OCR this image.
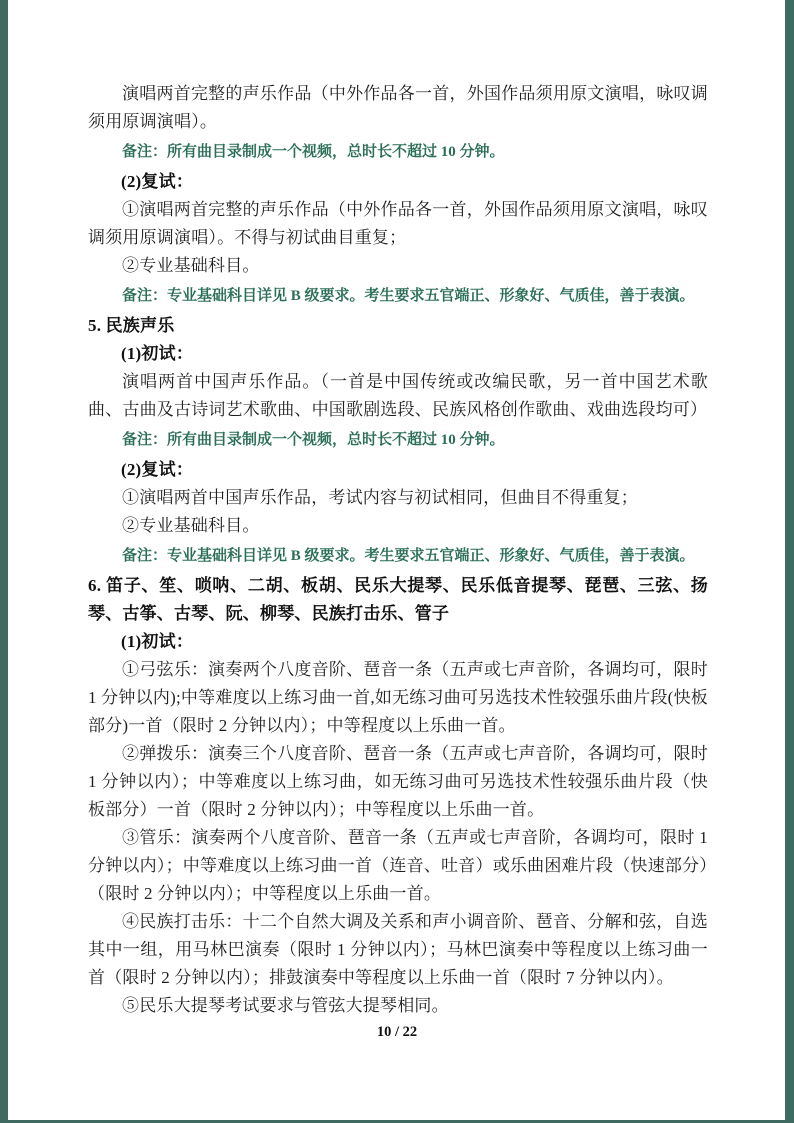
演唱两首完整的声乐作品（中外作品各一首，外国作品须用原文演唱，咏叹调须用原调演唱）。

备注：所有曲目录制成一个视频，总时长不超过 10 分钟。

(2)复试：

①演唱两首完整的声乐作品（中外作品各一首，外国作品须用原文演唱，咏叹调须用原调演唱）。不得与初试曲目重复；

②专业基础科目。

备注：专业基础科目详见 B 级要求。考生要求五官端正、形象好、气质佳，善于表演。

5. 民族声乐

(1)初试：

演唱两首中国声乐作品。（一首是中国传统或改编民歌，另一首中国艺术歌曲、古曲及古诗词艺术歌曲、中国歌剧选段、民族风格创作歌曲、戏曲选段均可）

备注：所有曲目录制成一个视频，总时长不超过 10 分钟。

(2)复试：

①演唱两首中国声乐作品，考试内容与初试相同，但曲目不得重复；

②专业基础科目。

备注：专业基础科目详见 B 级要求。考生要求五官端正、形象好、气质佳，善于表演。

6. 笛子、笙、唢呐、二胡、板胡、民乐大提琴、民乐低音提琴、琵琶、三弦、扬琴、古筝、古琴、阮、柳琴、民族打击乐、管子

(1)初试：

①弓弦乐：演奏两个八度音阶、琶音一条（五声或七声音阶，各调均可，限时 1 分钟以内);中等难度以上练习曲一首,如无练习曲可另选技术性较强乐曲片段(快板部分)一首（限时 2 分钟以内）；中等程度以上乐曲一首。

②弹拨乐：演奏三个八度音阶、琶音一条（五声或七声音阶，各调均可，限时 1 分钟以内）；中等难度以上练习曲，如无练习曲可另选技术性较强乐曲片段（快板部分）一首（限时 2 分钟以内）；中等程度以上乐曲一首。

③管乐：演奏两个八度音阶、琶音一条（五声或七声音阶，各调均可，限时 1 分钟以内）；中等难度以上练习曲一首（连音、吐音）或乐曲困难片段（快速部分）（限时 2 分钟以内）；中等程度以上乐曲一首。

④民族打击乐：十二个自然大调及关系和声小调音阶、琶音、分解和弦，自选其中一组，用马林巴演奏（限时 1 分钟以内）；马林巴演奏中等程度以上练习曲一首（限时 2 分钟以内）；排鼓演奏中等程度以上乐曲一首（限时 7 分钟以内）。

⑤民乐大提琴考试要求与管弦大提琴相同。

10 / 22
